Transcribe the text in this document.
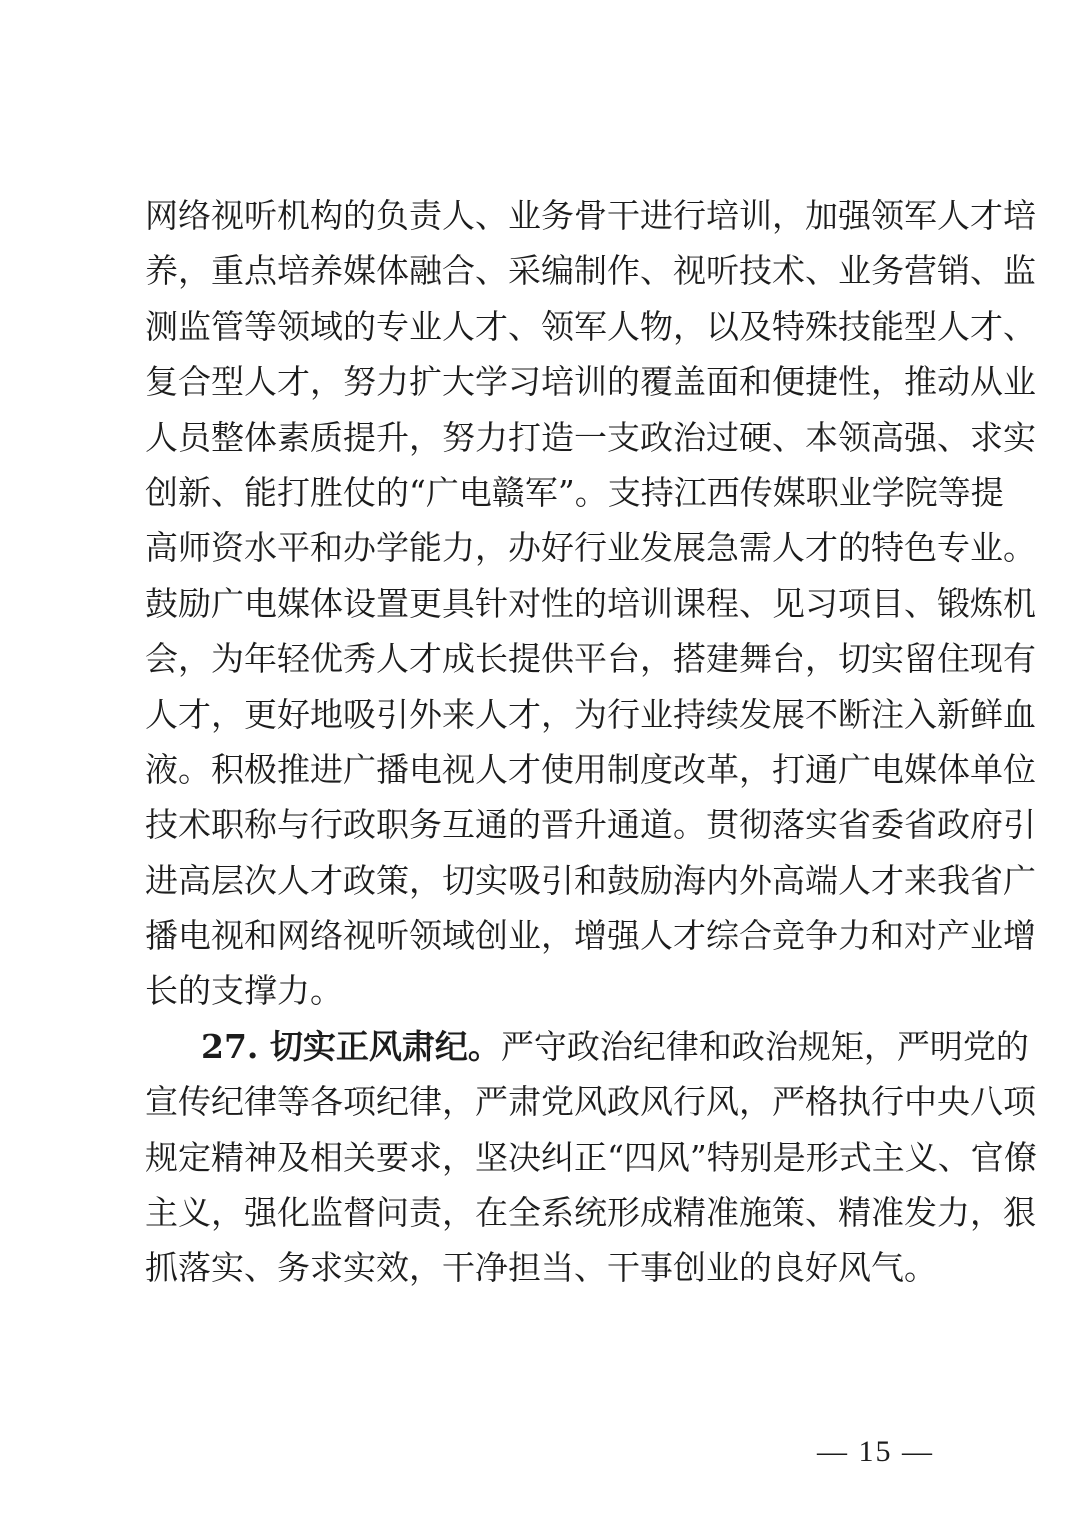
网络视听机构的负责人、业务骨干进行培训，加强领军人才培
养，重点培养媒体融合、采编制作、视听技术、业务营销、监
测监管等领域的专业人才、领军人物，以及特殊技能型人才、
复合型人才，努力扩大学习培训的覆盖面和便捷性，推动从业
人员整体素质提升，努力打造一支政治过硬、本领高强、求实
创新、能打胜仗的“广电赣军”。支持江西传媒职业学院等提
高师资水平和办学能力，办好行业发展急需人才的特色专业。
鼓励广电媒体设置更具针对性的培训课程、见习项目、锻炼机
会，为年轻优秀人才成长提供平台，搭建舞台，切实留住现有
人才，更好地吸引外来人才，为行业持续发展不断注入新鲜血
液。积极推进广播电视人才使用制度改革，打通广电媒体单位
技术职称与行政职务互通的晋升通道。贯彻落实省委省政府引
进高层次人才政策，切实吸引和鼓励海内外高端人才来我省广
播电视和网络视听领域创业，增强人才综合竞争力和对产业增
长的支撑力。
27. 切实正风肃纪。严守政治纪律和政治规矩，严明党的
宣传纪律等各项纪律，严肃党风政风行风，严格执行中央八项
规定精神及相关要求，坚决纠正“四风”特别是形式主义、官僚
主义，强化监督问责，在全系统形成精准施策、精准发力，狠
抓落实、务求实效，干净担当、干事创业的良好风气。
— 15 —
